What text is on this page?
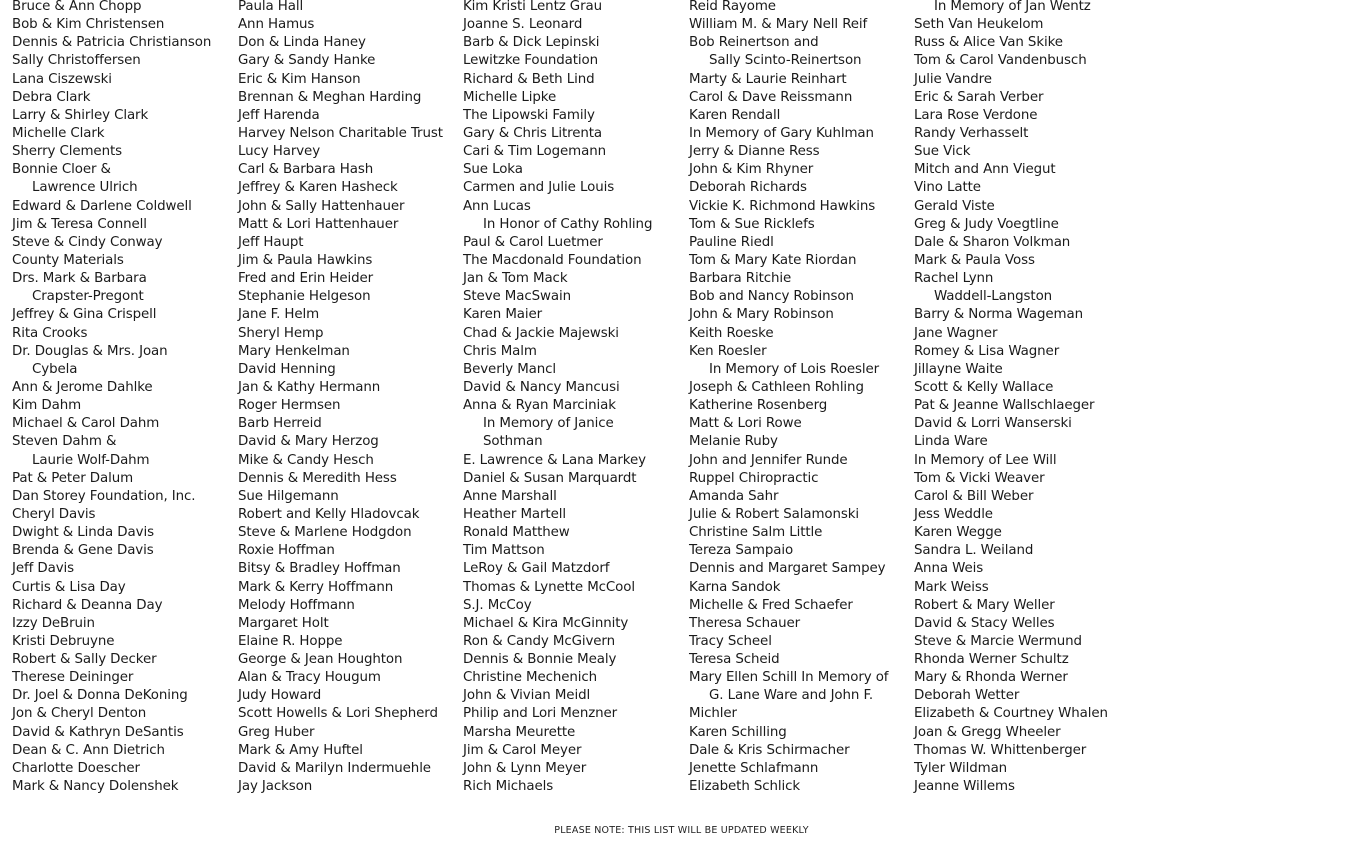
Bruce & Ann Chopp
Bob & Kim Christensen
Dennis & Patricia Christianson
Sally Christoffersen
Lana Ciszewski
Debra Clark
Larry & Shirley Clark
Michelle Clark
Sherry Clements
Bonnie Cloer &
Lawrence Ulrich
Edward & Darlene Coldwell
Jim & Teresa Connell
Steve & Cindy Conway
County Materials
Drs. Mark & Barbara
Crapster-Pregont
Jeffrey & Gina Crispell
Rita Crooks
Dr. Douglas & Mrs. Joan
Cybela
Ann & Jerome Dahlke
Kim Dahm
Michael & Carol Dahm
Steven Dahm &
Laurie Wolf-Dahm
Pat & Peter Dalum
Dan Storey Foundation, Inc.
Cheryl Davis
Dwight & Linda Davis
Brenda & Gene Davis
Jeff Davis
Curtis & Lisa Day
Richard & Deanna Day
Izzy DeBruin
Kristi Debruyne
Robert & Sally Decker
Therese Deininger
Dr. Joel & Donna DeKoning
Jon & Cheryl Denton
David & Kathryn DeSantis
Dean & C. Ann Dietrich
Charlotte Doescher
Mark & Nancy Dolenshek
Paula Hall
Ann Hamus
Don & Linda Haney
Gary & Sandy Hanke
Eric & Kim Hanson
Brennan & Meghan Harding
Jeff Harenda
Harvey Nelson Charitable Trust
Lucy Harvey
Carl & Barbara Hash
Jeffrey & Karen Hasheck
John & Sally Hattenhauer
Matt & Lori Hattenhauer
Jeff Haupt
Jim & Paula Hawkins
Fred and Erin Heider
Stephanie Helgeson
Jane F. Helm
Sheryl Hemp
Mary Henkelman
David Henning
Jan & Kathy Hermann
Roger Hermsen
Barb Herreid
David & Mary Herzog
Mike & Candy Hesch
Dennis & Meredith Hess
Sue Hilgemann
Robert and Kelly Hladovcak
Steve & Marlene Hodgdon
Roxie Hoffman
Bitsy & Bradley Hoffman
Mark & Kerry Hoffmann
Melody Hoffmann
Margaret Holt
Elaine R. Hoppe
George & Jean Houghton
Alan & Tracy Hougum
Judy Howard
Scott Howells & Lori Shepherd
Greg Huber
Mark & Amy Huftel
David & Marilyn Indermuehle
Jay Jackson
Kim Kristi Lentz Grau
Joanne S. Leonard
Barb & Dick Lepinski
Lewitzke Foundation
Richard & Beth Lind
Michelle Lipke
The Lipowski Family
Gary & Chris Litrenta
Cari & Tim Logemann
Sue Loka
Carmen and Julie Louis
Ann Lucas
In Honor of Cathy Rohling
Paul & Carol Luetmer
The Macdonald Foundation
Jan & Tom Mack
Steve MacSwain
Karen Maier
Chad & Jackie Majewski
Chris Malm
Beverly Mancl
David & Nancy Mancusi
Anna & Ryan Marciniak
In Memory of Janice
Sothman
E. Lawrence & Lana Markey
Daniel & Susan Marquardt
Anne Marshall
Heather Martell
Ronald Matthew
Tim Mattson
LeRoy & Gail Matzdorf
Thomas & Lynette McCool
S.J. McCoy
Michael & Kira McGinnity
Ron & Candy McGivern
Dennis & Bonnie Mealy
Christine Mechenich
John & Vivian Meidl
Philip and Lori Menzner
Marsha Meurette
Jim & Carol Meyer
John & Lynn Meyer
Rich Michaels
Reid Rayome
William M. & Mary Nell Reif
Bob Reinertson and
Sally Scinto-Reinertson
Marty & Laurie Reinhart
Carol & Dave Reissmann
Karen Rendall
In Memory of Gary Kuhlman
Jerry & Dianne Ress
John & Kim Rhyner
Deborah Richards
Vickie K. Richmond Hawkins
Tom & Sue Ricklefs
Pauline Riedl
Tom & Mary Kate Riordan
Barbara Ritchie
Bob and Nancy Robinson
John & Mary Robinson
Keith Roeske
Ken Roesler
In Memory of Lois Roesler
Joseph & Cathleen Rohling
Katherine Rosenberg
Matt & Lori Rowe
Melanie Ruby
John and Jennifer Runde
Ruppel Chiropractic
Amanda Sahr
Julie & Robert Salamonski
Christine Salm Little
Tereza Sampaio
Dennis and Margaret Sampey
Karna Sandok
Michelle & Fred Schaefer
Theresa Schauer
Tracy Scheel
Teresa Scheid
Mary Ellen Schill In Memory of
G. Lane Ware and John F.
Michler
Karen Schilling
Dale & Kris Schirmacher
Jenette Schlafmann
Elizabeth Schlick
In Memory of Jan Wentz
Seth Van Heukelom
Russ & Alice Van Skike
Tom & Carol Vandenbusch
Julie Vandre
Eric & Sarah Verber
Lara Rose Verdone
Randy Verhasselt
Sue Vick
Mitch and Ann Viegut
Vino Latte
Gerald Viste
Greg & Judy Voegtline
Dale & Sharon Volkman
Mark & Paula Voss
Rachel Lynn
Waddell-Langston
Barry & Norma Wageman
Jane Wagner
Romey & Lisa Wagner
Jillayne Waite
Scott & Kelly Wallace
Pat & Jeanne Wallschlaeger
David & Lorri Wanserski
Linda Ware
In Memory of Lee Will
Tom & Vicki Weaver
Carol & Bill Weber
Jess Weddle
Karen Wegge
Sandra L. Weiland
Anna Weis
Mark Weiss
Robert & Mary Weller
David & Stacy Welles
Steve & Marcie Wermund
Rhonda Werner Schultz
Mary & Rhonda Werner
Deborah Wetter
Elizabeth & Courtney Whalen
Joan & Gregg Wheeler
Thomas W. Whittenberger
Tyler Wildman
Jeanne Willems
PLEASE NOTE: THIS LIST WILL BE UPDATED WEEKLY
